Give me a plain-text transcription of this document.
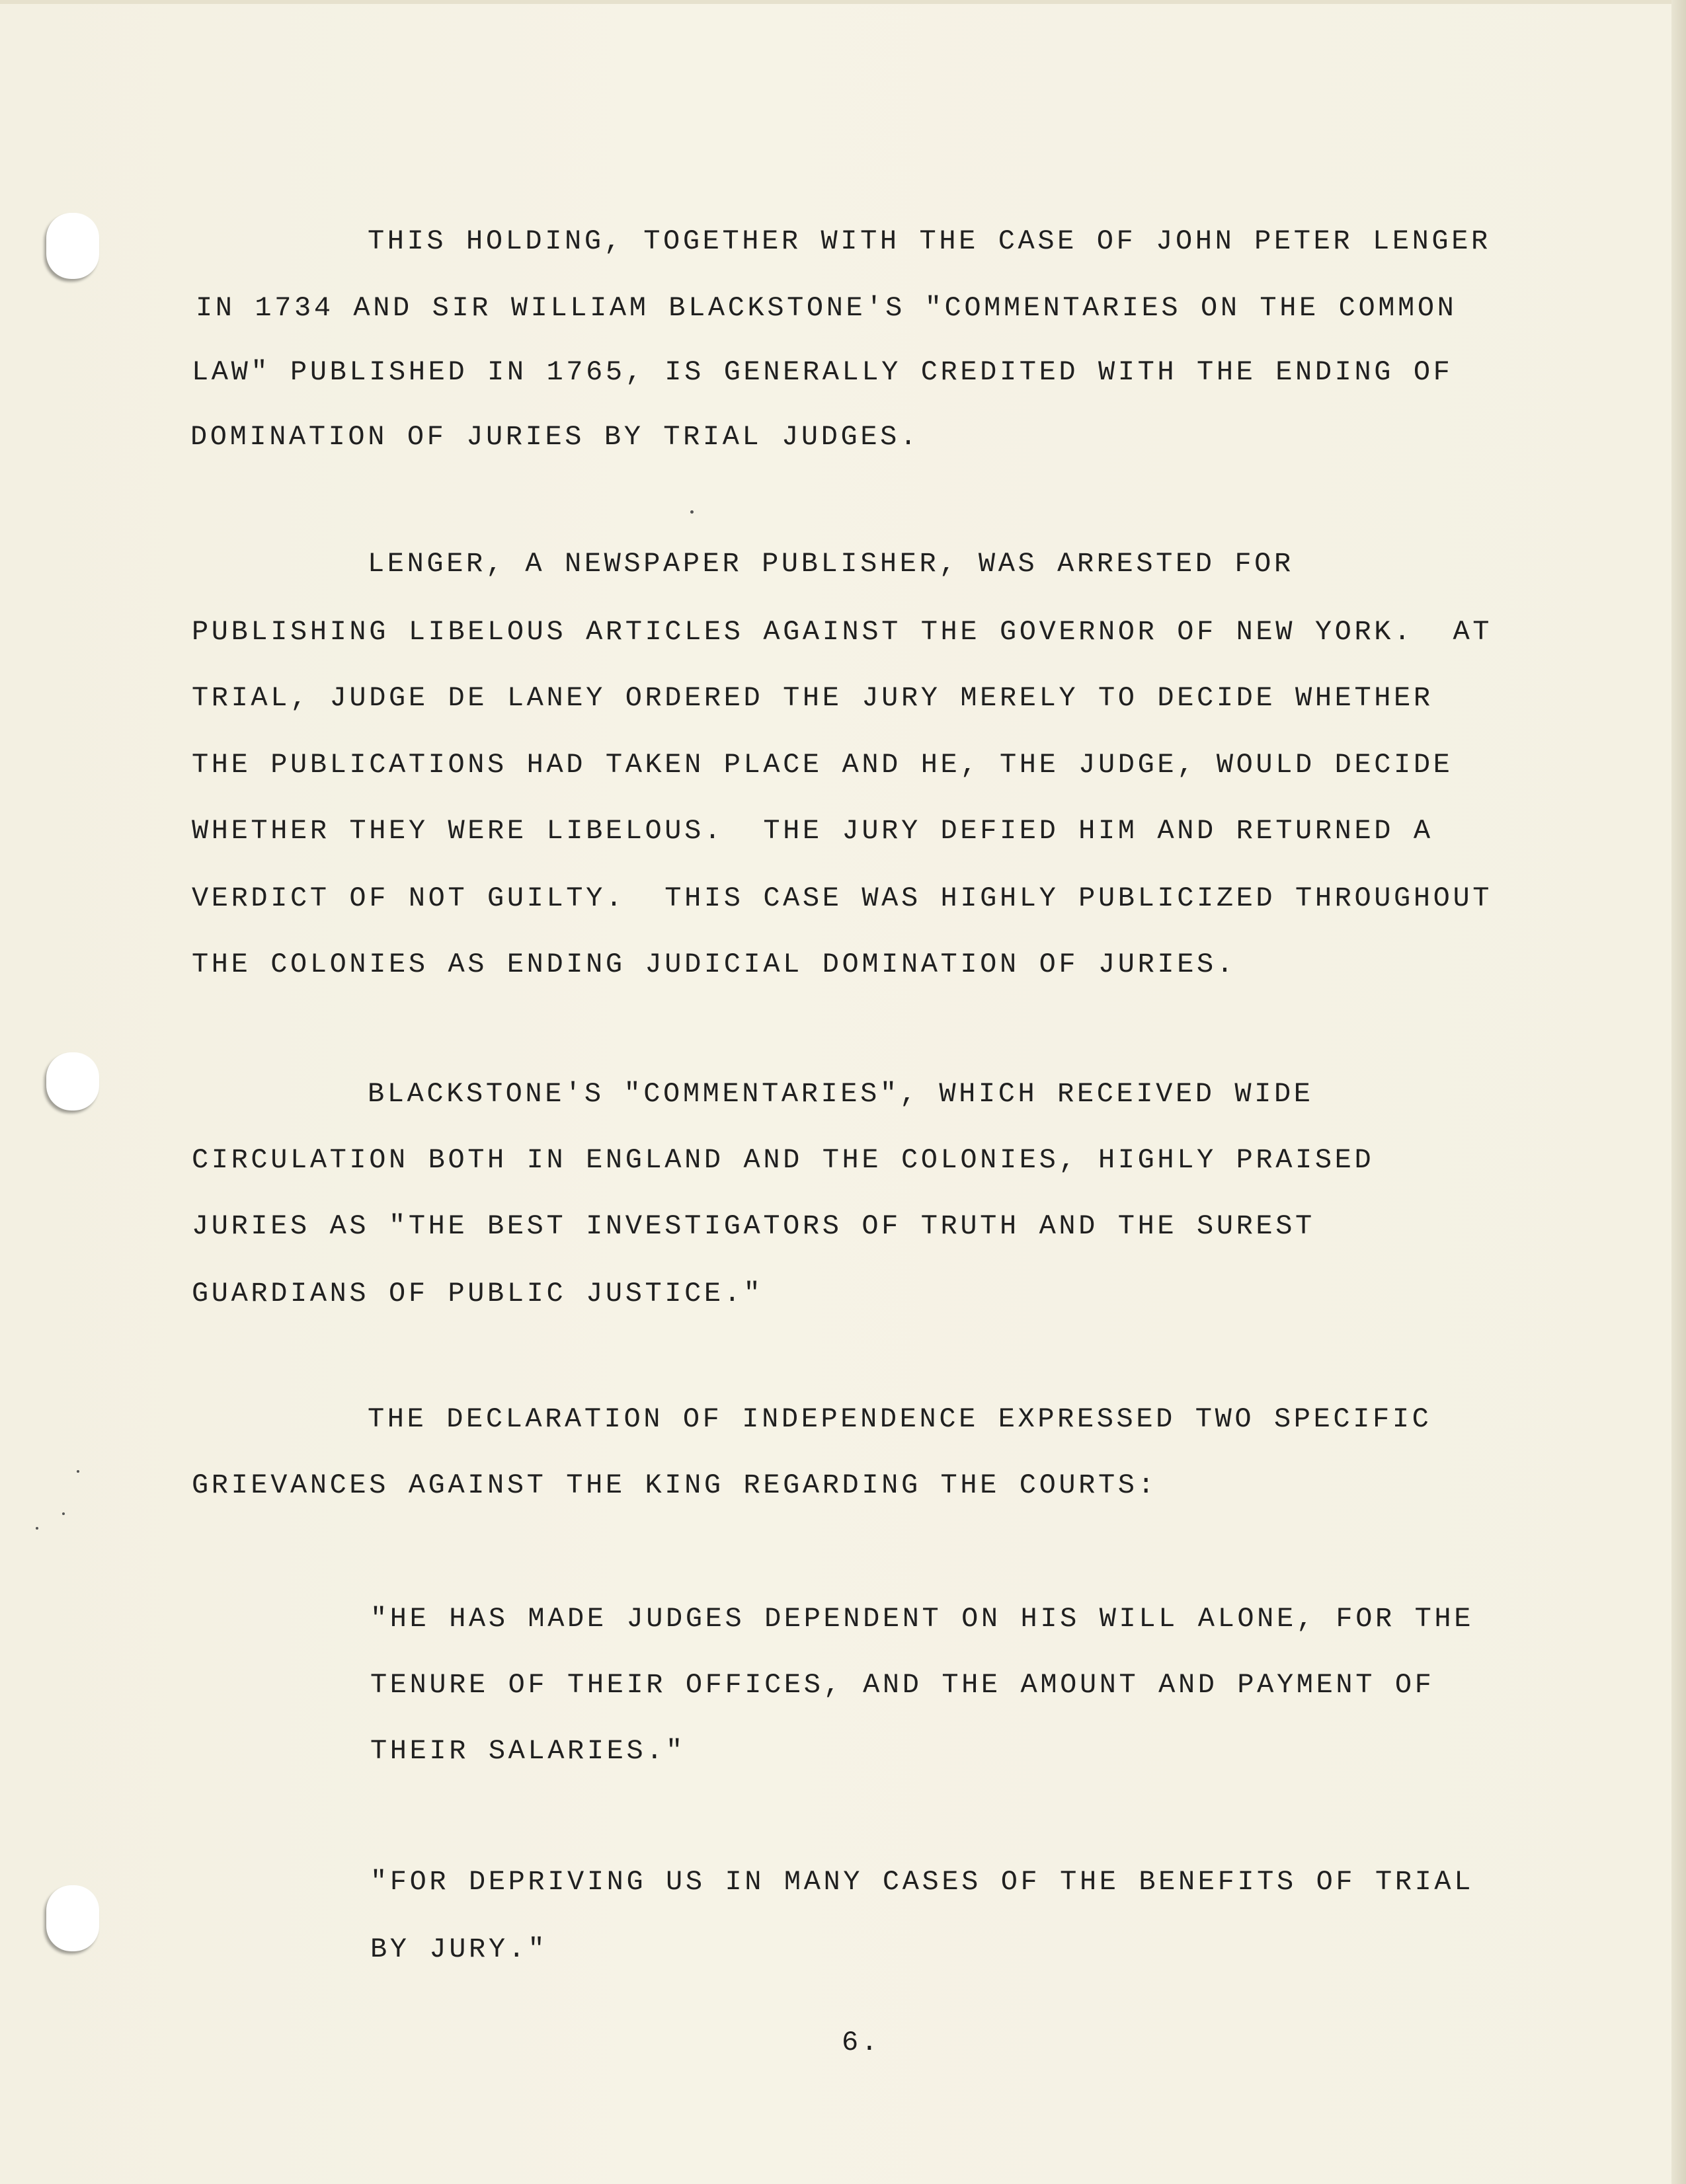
THIS HOLDING, TOGETHER WITH THE CASE OF JOHN PETER LENGER
IN 1734 AND SIR WILLIAM BLACKSTONE'S "COMMENTARIES ON THE COMMON
LAW" PUBLISHED IN 1765, IS GENERALLY CREDITED WITH THE ENDING OF
DOMINATION OF JURIES BY TRIAL JUDGES.
LENGER, A NEWSPAPER PUBLISHER, WAS ARRESTED FOR
PUBLISHING LIBELOUS ARTICLES AGAINST THE GOVERNOR OF NEW YORK.  AT
TRIAL, JUDGE DE LANEY ORDERED THE JURY MERELY TO DECIDE WHETHER
THE PUBLICATIONS HAD TAKEN PLACE AND HE, THE JUDGE, WOULD DECIDE
WHETHER THEY WERE LIBELOUS.  THE JURY DEFIED HIM AND RETURNED A
VERDICT OF NOT GUILTY.  THIS CASE WAS HIGHLY PUBLICIZED THROUGHOUT
THE COLONIES AS ENDING JUDICIAL DOMINATION OF JURIES.
BLACKSTONE'S "COMMENTARIES", WHICH RECEIVED WIDE
CIRCULATION BOTH IN ENGLAND AND THE COLONIES, HIGHLY PRAISED
JURIES AS "THE BEST INVESTIGATORS OF TRUTH AND THE SUREST
GUARDIANS OF PUBLIC JUSTICE."
THE DECLARATION OF INDEPENDENCE EXPRESSED TWO SPECIFIC
GRIEVANCES AGAINST THE KING REGARDING THE COURTS:
"HE HAS MADE JUDGES DEPENDENT ON HIS WILL ALONE, FOR THE
TENURE OF THEIR OFFICES, AND THE AMOUNT AND PAYMENT OF
THEIR SALARIES."
"FOR DEPRIVING US IN MANY CASES OF THE BENEFITS OF TRIAL
BY JURY."
6.
